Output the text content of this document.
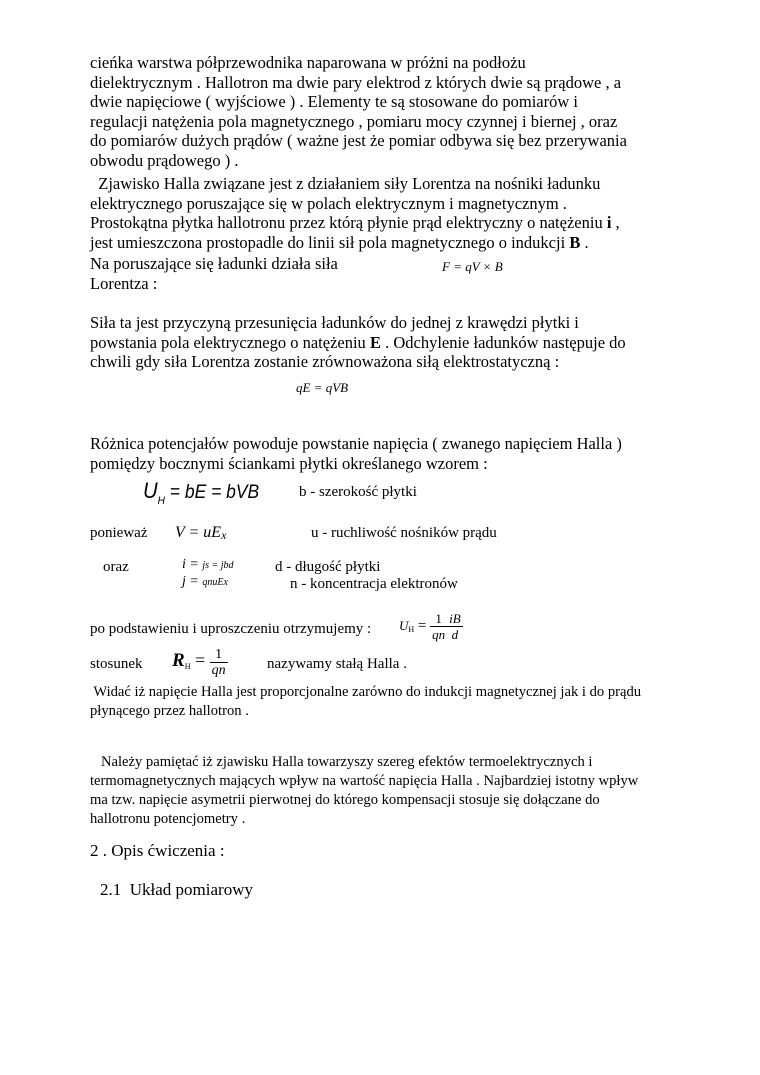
cieńka warstwa półprzewodnika naparowana w próżni na podłożu
dielektrycznym . Hallotron ma dwie pary elektrod z których dwie są prądowe , a
dwie napięciowe ( wyjściowe ) . Elementy te są stosowane do pomiarów i
regulacji natężenia pola magnetycznego , pomiaru mocy czynnej i biernej , oraz
do pomiarów dużych prądów ( ważne jest że pomiar odbywa się bez przerywania
obwodu prądowego ) .
Zjawisko Halla związane jest z działaniem siły Lorentza na nośniki ładunku
elektrycznego poruszające się w polach elektrycznym i magnetycznym .
Prostokątna płytka hallotronu przez którą płynie prąd elektryczny o natężeniu i ,
jest umieszczona prostopadle do linii sił pola magnetycznego o indukcji B .
Na poruszające się ładunki działa siła
Lorentza :
F = qV × B
Siła ta jest przyczyną przesunięcia ładunków do jednej z krawędzi płytki i
powstania pola elektrycznego o natężeniu E . Odchylenie ładunków następuje do
chwili gdy siła Lorentza zostanie zrównoważona siłą elektrostatyczną :
qE = qVB
Różnica potencjałów powoduje powstanie napięcia ( zwanego napięciem Halla )
pomiędzy bocznymi ściankami płytki określanego wzorem :
$U_H$ = bE = bVB	b - szerokość płytki
ponieważ V = uEx	u - ruchliwość nośników prądu
oraz	i = js = jbd
j = qnuEx
d - długość płytki
n - koncentracja elektronów
po podstawieniu i uproszczeniu otrzymujemy : $U_H = \frac{1}{qn} \frac{iB}{d}$
stosunek $R_H = \frac{1}{qn}$	nazywamy stałą Halla .
Widać iż napięcie Halla jest proporcjonalne zarówno do indukcji magnetycznej jak i do prądu
płynącego przez hallotron .
Należy pamiętać iż zjawisku Halla towarzyszy szereg efektów termoelektrycznych i
termomagnetycznych mających wpływ na wartość napięcia Halla . Najbardziej istotny wpływ
ma tzw. napięcie asymetrii pierwotnej do którego kompensacji stosuje się dołączane do
hallotronu potencjometry .
2 . Opis ćwiczenia :
2.1  Układ pomiarowy
